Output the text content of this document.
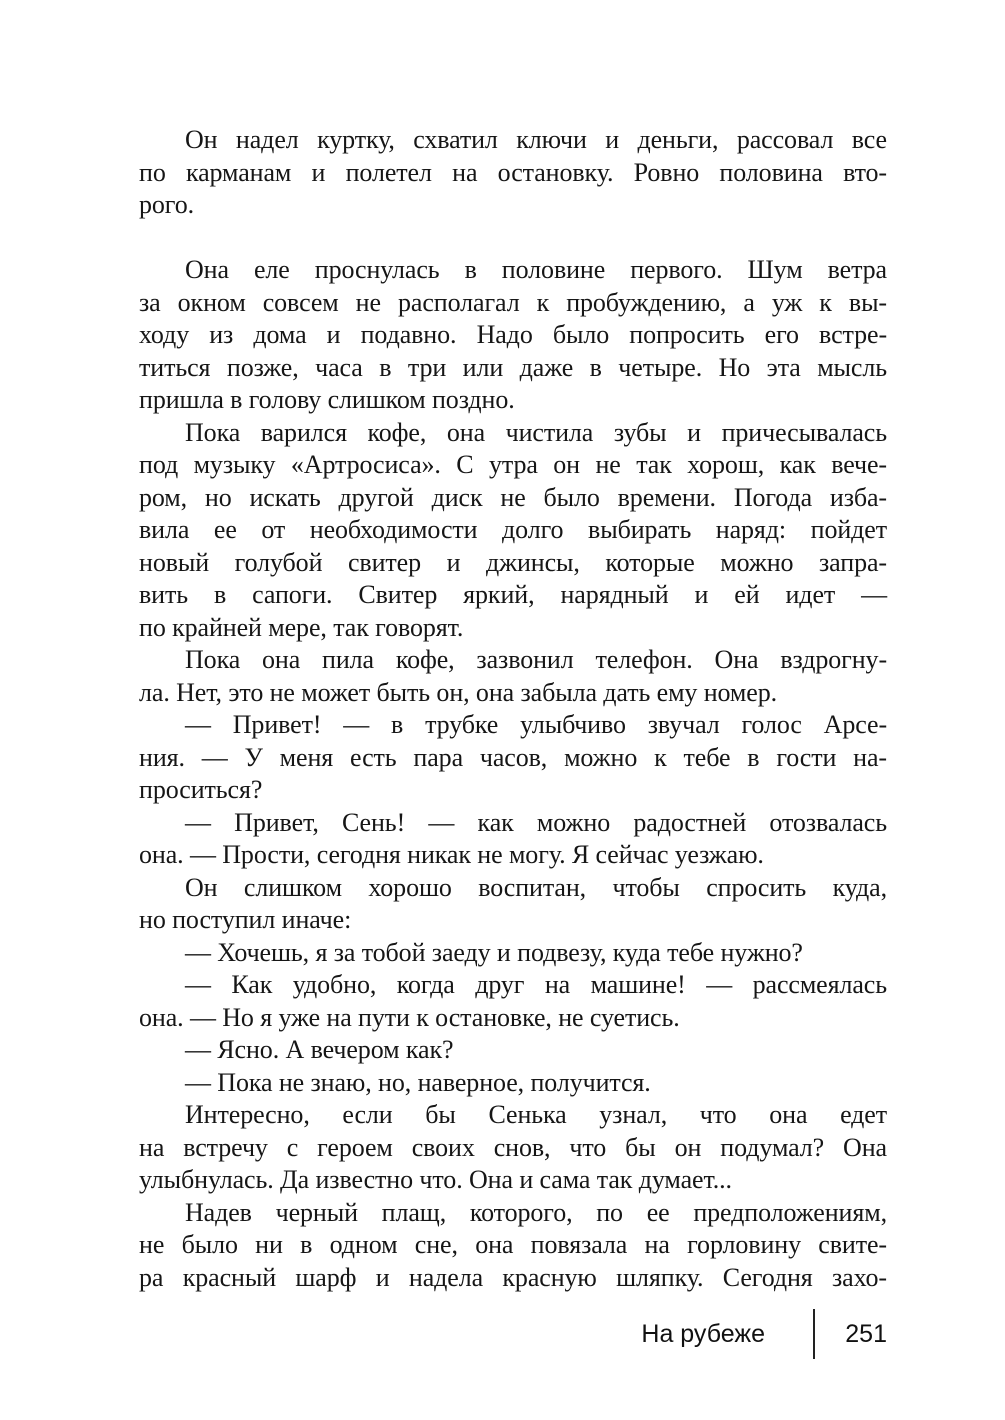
Он надел куртку, схватил ключи и деньги, рассовал все
по карманам и полетел на остановку. Ровно половина вто-
рого.
Она еле проснулась в половине первого. Шум ветра
за окном совсем не располагал к пробуждению, а уж к вы-
ходу из дома и подавно. Надо было попросить его встре-
титься позже, часа в три или даже в четыре. Но эта мысль
пришла в голову слишком поздно.
Пока варился кофе, она чистила зубы и причесывалась
под музыку «Артросиса». С утра он не так хорош, как вече-
ром, но искать другой диск не было времени. Погода изба-
вила ее от необходимости долго выбирать наряд: пойдет
новый голубой свитер и джинсы, которые можно запра-
вить в сапоги. Свитер яркий, нарядный и ей идет —
по крайней мере, так говорят.
Пока она пила кофе, зазвонил телефон. Она вздрогну-
ла. Нет, это не может быть он, она забыла дать ему номер.
— Привет! — в трубке улыбчиво звучал голос Арсе-
ния. — У меня есть пара часов, можно к тебе в гости на-
проситься?
— Привет, Сень! — как можно радостней отозвалась
она. — Прости, сегодня никак не могу. Я сейчас уезжаю.
Он слишком хорошо воспитан, чтобы спросить куда,
но поступил иначе:
— Хочешь, я за тобой заеду и подвезу, куда тебе нужно?
— Как удобно, когда друг на машине! — рассмеялась
она. — Но я уже на пути к остановке, не суетись.
— Ясно. А вечером как?
— Пока не знаю, но, наверное, получится.
Интересно, если бы Сенька узнал, что она едет
на встречу с героем своих снов, что бы он подумал? Она
улыбнулась. Да известно что. Она и сама так думает...
Надев черный плащ, которого, по ее предположениям,
не было ни в одном сне, она повязала на горловину свите-
ра красный шарф и надела красную шляпку. Сегодня захо-
На рубеже	251
